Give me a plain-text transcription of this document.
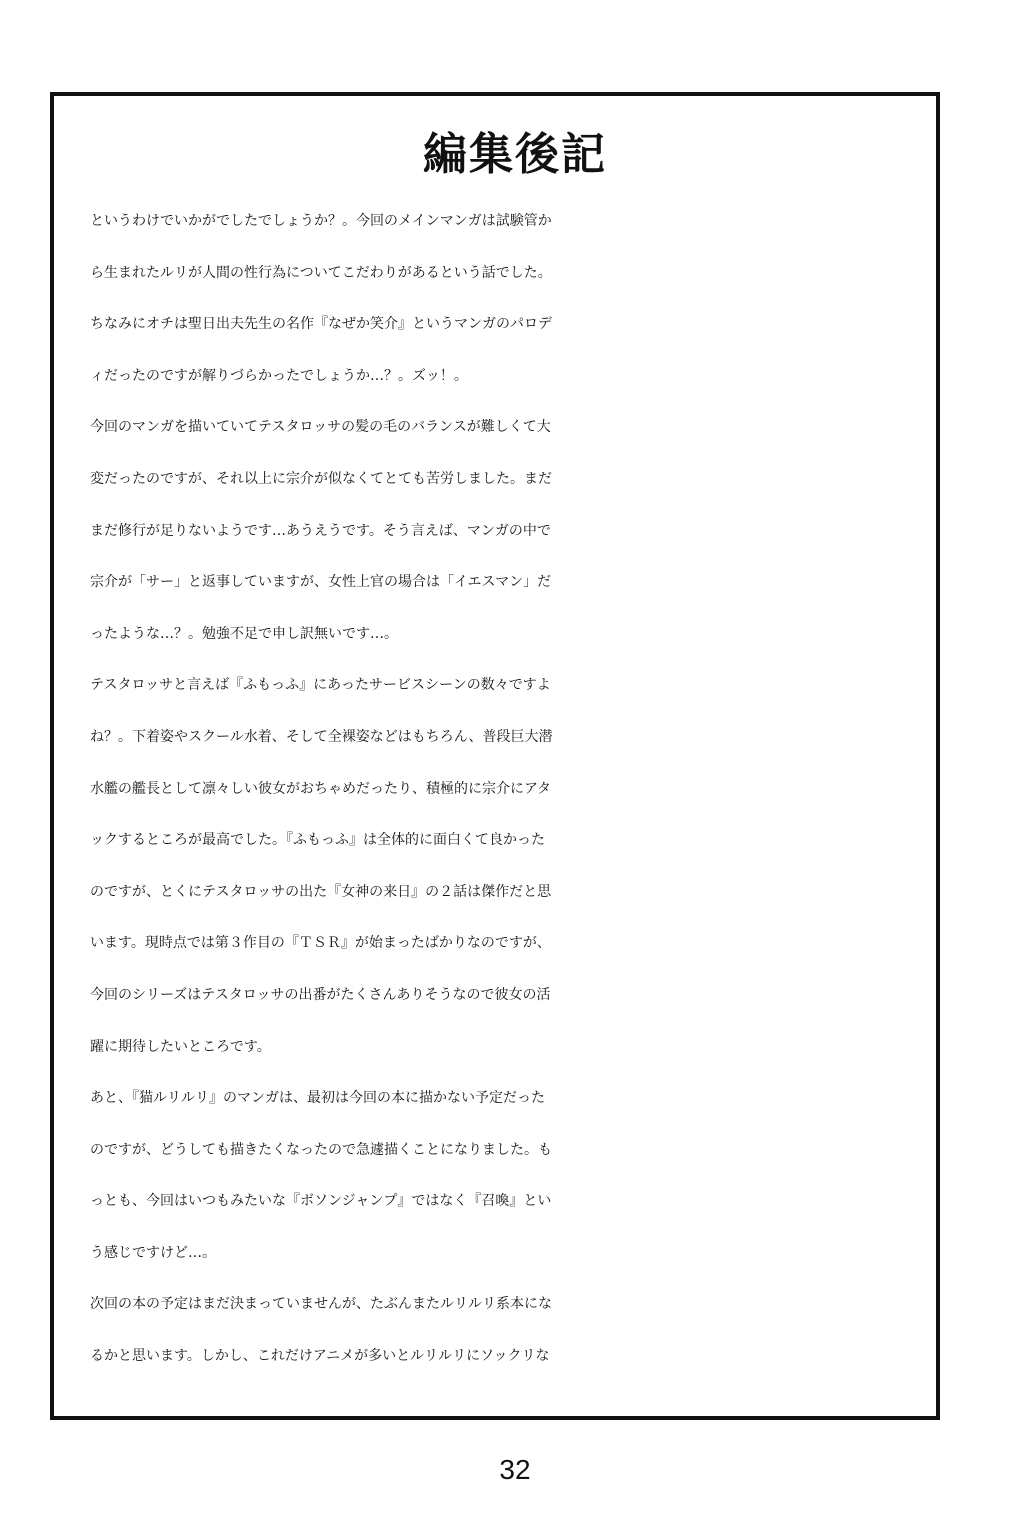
編集後記
というわけでいかがでしたでしょうか？。今回のメインマンガは試験管か
ら生まれたルリが人間の性行為についてこだわりがあるという話でした。
ちなみにオチは聖日出夫先生の名作『なぜか笑介』というマンガのパロデ
ィだったのですが解りづらかったでしょうか…？。ズッ！。
今回のマンガを描いていてテスタロッサの髪の毛のバランスが難しくて大
変だったのですが、それ以上に宗介が似なくてとても苦労しました。まだ
まだ修行が足りないようです…あうえうです。そう言えば、マンガの中で
宗介が「サー」と返事していますが、女性上官の場合は「イエスマン」だ
ったような…？。勉強不足で申し訳無いです…。
テスタロッサと言えば『ふもっふ』にあったサービスシーンの数々ですよ
ね？。下着姿やスクール水着、そして全裸姿などはもちろん、普段巨大潜
水艦の艦長として凛々しい彼女がおちゃめだったり、積極的に宗介にアタ
ックするところが最高でした。『ふもっふ』は全体的に面白くて良かった
のですが、とくにテスタロッサの出た『女神の来日』の２話は傑作だと思
います。現時点では第３作目の『ＴＳＲ』が始まったばかりなのですが、
今回のシリーズはテスタロッサの出番がたくさんありそうなので彼女の活
躍に期待したいところです。
あと、『猫ルリルリ』のマンガは、最初は今回の本に描かない予定だった
のですが、どうしても描きたくなったので急遽描くことになりました。も
っとも、今回はいつもみたいな『ボソンジャンプ』ではなく『召喚』とい
う感じですけど…。
次回の本の予定はまだ決まっていませんが、たぶんまたルリルリ系本にな
るかと思います。しかし、これだけアニメが多いとルリルリにソックリな
32
